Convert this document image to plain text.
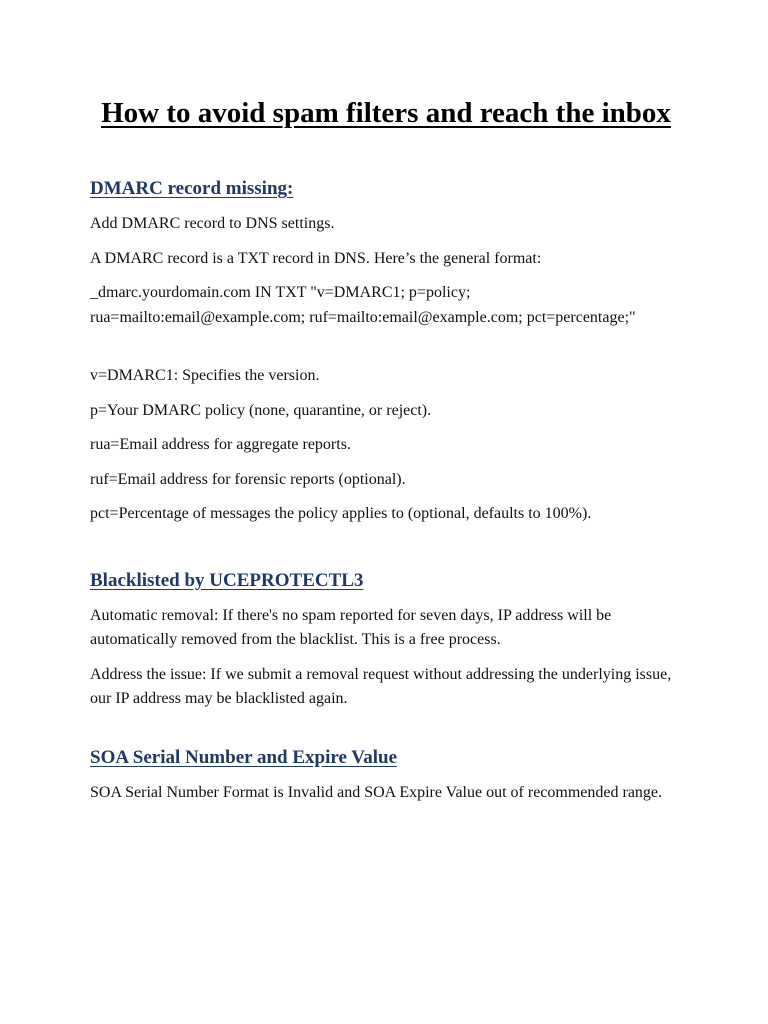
How to avoid spam filters and reach the inbox
DMARC record missing:

Add DMARC record to DNS settings.

A DMARC record is a TXT record in DNS. Here’s the general format:

_dmarc.yourdomain.com IN TXT "v=DMARC1; p=policy; rua=mailto:email@example.com; ruf=mailto:email@example.com; pct=percentage;"

v=DMARC1: Specifies the version.

p=Your DMARC policy (none, quarantine, or reject).

rua=Email address for aggregate reports.

ruf=Email address for forensic reports (optional).

pct=Percentage of messages the policy applies to (optional, defaults to 100%).

Blacklisted by UCEPROTECTL3

Automatic removal: If there's no spam reported for seven days, IP address will be automatically removed from the blacklist. This is a free process.

Address the issue: If we submit a removal request without addressing the underlying issue, our IP address may be blacklisted again.

SOA Serial Number and Expire Value

SOA Serial Number Format is Invalid and SOA Expire Value out of recommended range.
